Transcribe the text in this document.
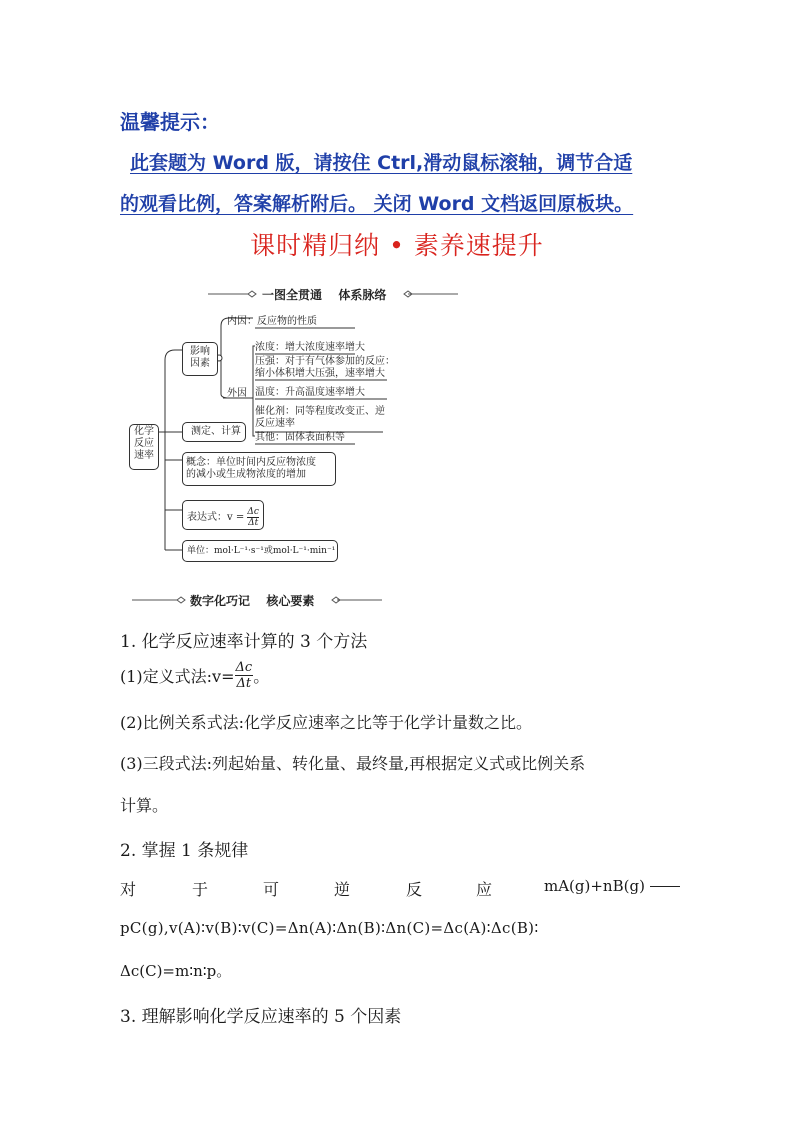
温馨提示：
此套题为 Word 版，请按住 Ctrl,滑动鼠标滚轴，调节合适
的观看比例，答案解析附后。 关闭 Word 文档返回原板块。
课时精归纳 • 素养速提升
一图全贯通 体系脉络
化学
反应
速率
影响
因素
内因：反应物的性质
外因
浓度：增大浓度速率增大
压强：对于有气体参加的反应：
缩小体积增大压强，速率增大
温度：升高温度速率增大
催化剂：同等程度改变正、逆
反应速率
其他：固体表面积等
测定、计算
概念：单位时间内反应物浓度
的减小或生成物浓度的增加
表达式：$v = \frac{\Delta c}{\Delta t}$
单位：mol·L⁻¹·s⁻¹或mol·L⁻¹·min⁻¹
数字化巧记 核心要素
1. 化学反应速率计算的 3 个方法
(1)定义式法:v= $\frac{\Delta c}{\Delta t}$ 。
(2)比例关系式法:化学反应速率之比等于化学计量数之比。
(3)三段式法:列起始量、转化量、最终量,再根据定义式或比例关系
计算。
2. 掌握 1 条规律
对	于	可	逆	反	应	mA(g)+nB(g)
pC(g),v(A)∶v(B)∶v(C)=Δn(A)∶Δn(B)∶Δn(C)=Δc(A)∶Δc(B)∶
Δc(C)=m∶n∶p。
3. 理解影响化学反应速率的 5 个因素
